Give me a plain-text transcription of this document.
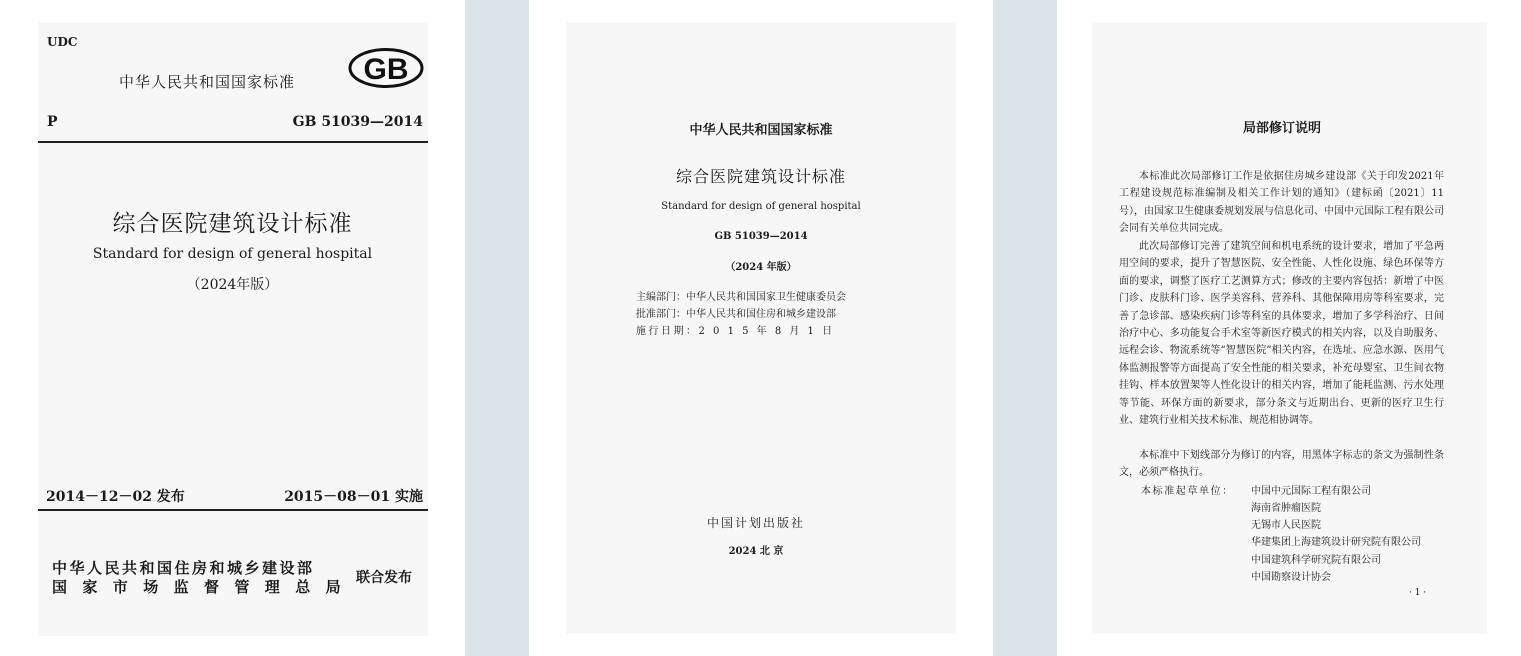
UDC
中华人民共和国国家标准 GB
P	GB 51039—2014
综合医院建筑设计标准
Standard for design of general hospital
（2024年版）
2014－12－02 发布	2015－08－01 实施
中华人民共和国住房和城乡建设部
国家市场监督管理总局 联合发布
中华人民共和国国家标准
综合医院建筑设计标准
Standard for design of general hospital
GB 51039—2014
（2024 年版）
主编部门：中华人民共和国国家卫生健康委员会
批准部门：中华人民共和国住房和城乡建设部
施行日期：2 0 1 5 年 8 月 1 日
中国计划出版社
2024 北 京
局部修订说明
本标准此次局部修订工作是依据住房城乡建设部《关于印发2021年工程建设规范标准编制及相关工作计划的通知》（建标函〔2021〕11号），由国家卫生健康委规划发展与信息化司、中国中元国际工程有限公司会同有关单位共同完成。
此次局部修订完善了建筑空间和机电系统的设计要求，增加了平急两用空间的要求，提升了智慧医院、安全性能、人性化设施、绿色环保等方面的要求，调整了医疗工艺测算方式；修改的主要内容包括：新增了中医门诊、皮肤科门诊、医学美容科、营养科、其他保障用房等科室要求，完善了急诊部、感染疾病门诊等科室的具体要求，增加了多学科治疗、日间治疗中心、多功能复合手术室等新医疗模式的相关内容，以及自助服务、远程会诊、物流系统等“智慧医院”相关内容，在选址、应急水源、医用气体监测报警等方面提高了安全性能的相关要求，补充母婴室、卫生间衣物挂钩、样本放置架等人性化设计的相关内容，增加了能耗监测、污水处理等节能、环保方面的新要求，部分条文与近期出台、更新的医疗卫生行业、建筑行业相关技术标准、规范相协调等。
本标准中下划线部分为修订的内容，用黑体字标志的条文为强制性条文，必须严格执行。
本标准起草单位： 中国中元国际工程有限公司
海南省肿瘤医院
无锡市人民医院
华建集团上海建筑设计研究院有限公司
中国建筑科学研究院有限公司
中国勘察设计协会
· 1 ·
